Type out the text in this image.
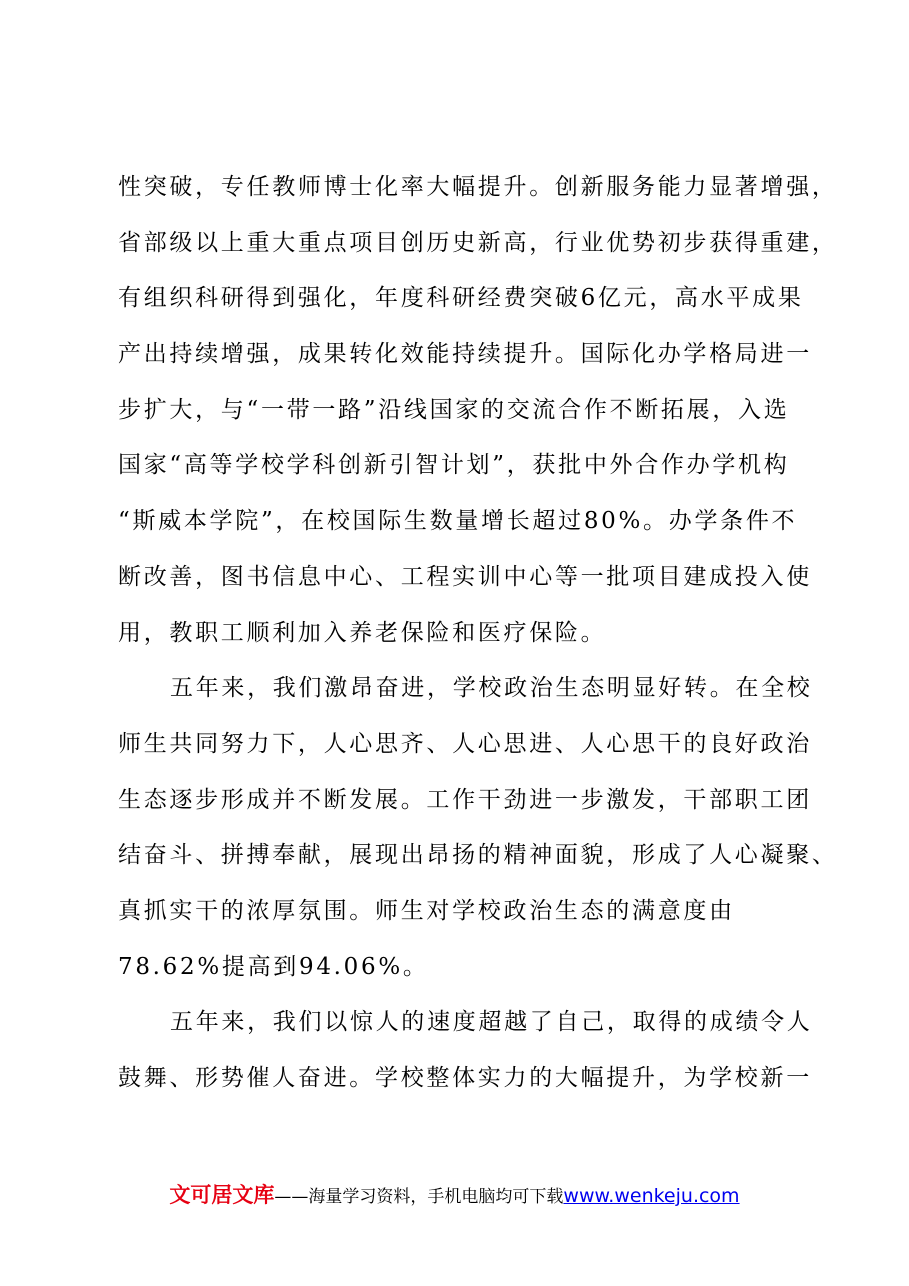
性突破，专任教师博士化率大幅提升。创新服务能力显著增强，
省部级以上重大重点项目创历史新高，行业优势初步获得重建，
有组织科研得到强化，年度科研经费突破6亿元，高水平成果
产出持续增强，成果转化效能持续提升。国际化办学格局进一
步扩大，与“一带一路”沿线国家的交流合作不断拓展，入选
国家“高等学校学科创新引智计划”，获批中外合作办学机构
“斯威本学院”，在校国际生数量增长超过80%。办学条件不
断改善，图书信息中心、工程实训中心等一批项目建成投入使
用，教职工顺利加入养老保险和医疗保险。
五年来，我们激昂奋进，学校政治生态明显好转。在全校
师生共同努力下，人心思齐、人心思进、人心思干的良好政治
生态逐步形成并不断发展。工作干劲进一步激发，干部职工团
结奋斗、拼搏奉献，展现出昂扬的精神面貌，形成了人心凝聚、
真抓实干的浓厚氛围。师生对学校政治生态的满意度由
78.62%提高到94.06%。
五年来，我们以惊人的速度超越了自己，取得的成绩令人
鼓舞、形势催人奋进。学校整体实力的大幅提升，为学校新一
文可居文库——海量学习资料，手机电脑均可下载www.wenkeju.com
